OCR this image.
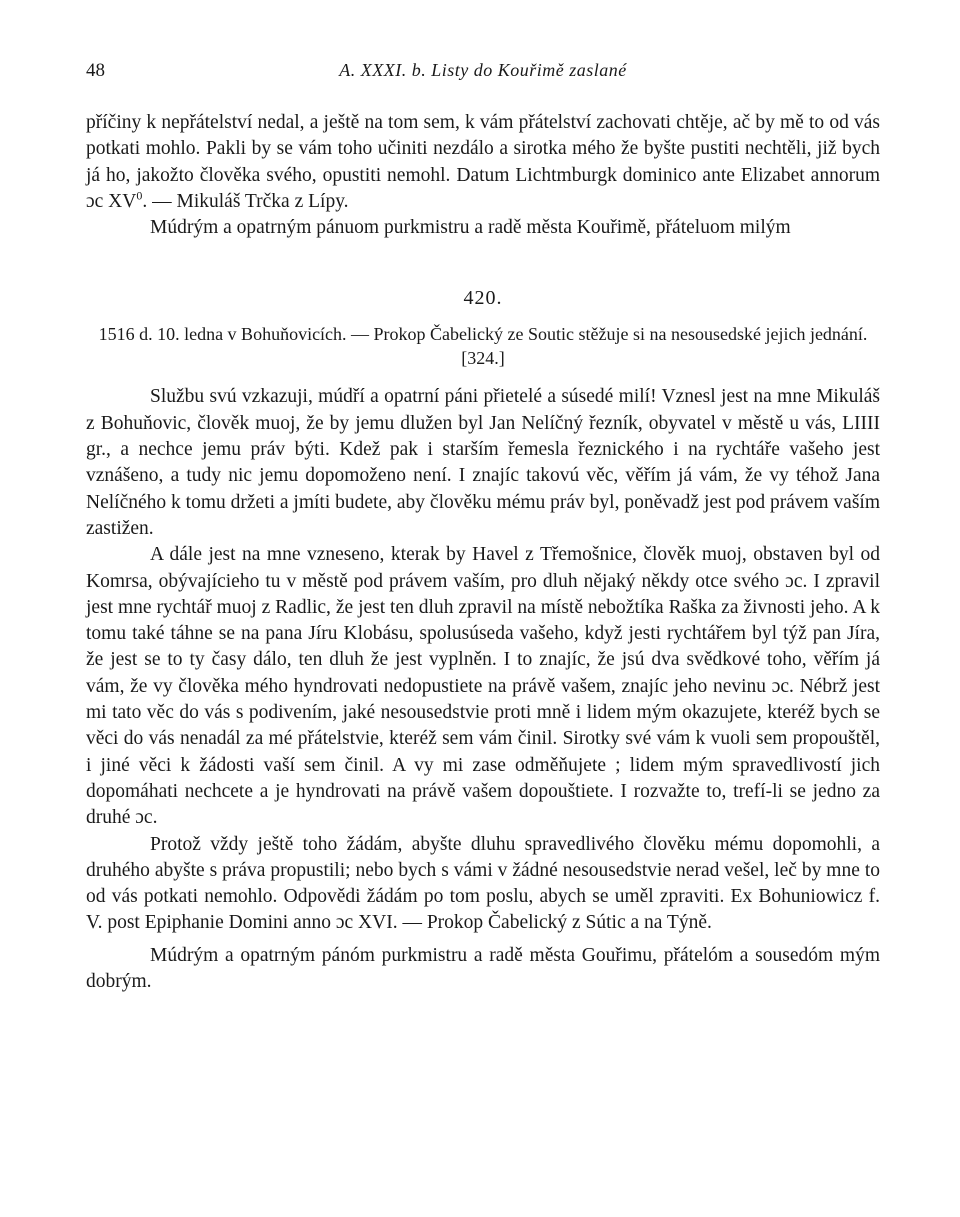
48	A. XXXI. b. Listy do Kouřimě zaslané

příčiny k nepřátelství nedal, a ještě na tom sem, k vám přátelství zachovati chtěje, ač by mě to od vás potkati mohlo. Pakli by se vám toho učiniti nezdálo a sirotka mého že byšte pustiti nechtěli, již bych já ho, jakožto člověka svého, opustiti nemohl. Datum Lichtmburgk dominico ante Elizabet annorum ɔc $XV^0$. — Mikuláš Trčka z Lípy.

Múdrým a opatrným pánuom purkmistru a radě města Kouřimě, přáteluom milým

420.

1516 d. 10. ledna v Bohuňovicích. — Prokop Čabelický ze Soutic stěžuje si na nesousedské jejich jednání. [324.]

Službu svú vzkazuji, múdří a opatrní páni přietelé a súsedé milí! Vznesl jest na mne Mikuláš z Bohuňovic, člověk muoj, že by jemu dlužen byl Jan Nelíčný řezník, obyvatel v městě u vás, LIIII gr., a nechce jemu práv býti. Kdež pak i starším řemesla řeznického i na rychtáře vašeho jest vznášeno, a tudy nic jemu dopomoženo není. I znajíc takovú věc, věřím já vám, že vy téhož Jana Nelíčného k tomu držeti a jmíti budete, aby člověku mému práv byl, poněvadž jest pod právem vaším zastižen.

A dále jest na mne vzneseno, kterak by Havel z Třemošnice, člověk muoj, obstaven byl od Komrsa, obývajícieho tu v městě pod právem vaším, pro dluh nějaký někdy otce svého ɔc. I zpravil jest mne rychtář muoj z Radlic, že jest ten dluh zpravil na místě nebožtíka Raška za živnosti jeho. A k tomu také táhne se na pana Jíru Klobásu, spolusúseda vašeho, když jesti rychtářem byl týž pan Jíra, že jest se to ty časy dálo, ten dluh že jest vyplněn. I to znajíc, že jsú dva svědkové toho, věřím já vám, že vy člověka mého hyndrovati nedopustiete na právě vašem, znajíc jeho nevinu ɔc. Nébrž jest mi tato věc do vás s podivením, jaké nesousedstvie proti mně i lidem mým okazujete, kteréž bych se věci do vás nenadál za mé přátelstvie, kteréž sem vám činil. Sirotky své vám k vuoli sem propouštěl, i jiné věci k žádosti vaší sem činil. A vy mi zase odměňujete ; lidem mým spravedlivostí jich dopomáhati nechcete a je hyndrovati na právě vašem dopouštiete. I rozvažte to, trefí-li se jedno za druhé ɔc.

Protož vždy ještě toho žádám, abyšte dluhu spravedlivého člověku mému dopomohli, a druhého abyšte s práva propustili; nebo bych s vámi v žádné nesousedstvie nerad vešel, leč by mne to od vás potkati nemohlo. Odpovědi žádám po tom poslu, abych se uměl zpraviti. Ex Bohuniowicz f. V. post Epiphanie Domini anno ɔc XVI. — Prokop Čabelický z Sútic a na Týně.

Múdrým a opatrným pánóm purkmistru a radě města Gouřimu, přátelóm a sousedóm mým dobrým.
